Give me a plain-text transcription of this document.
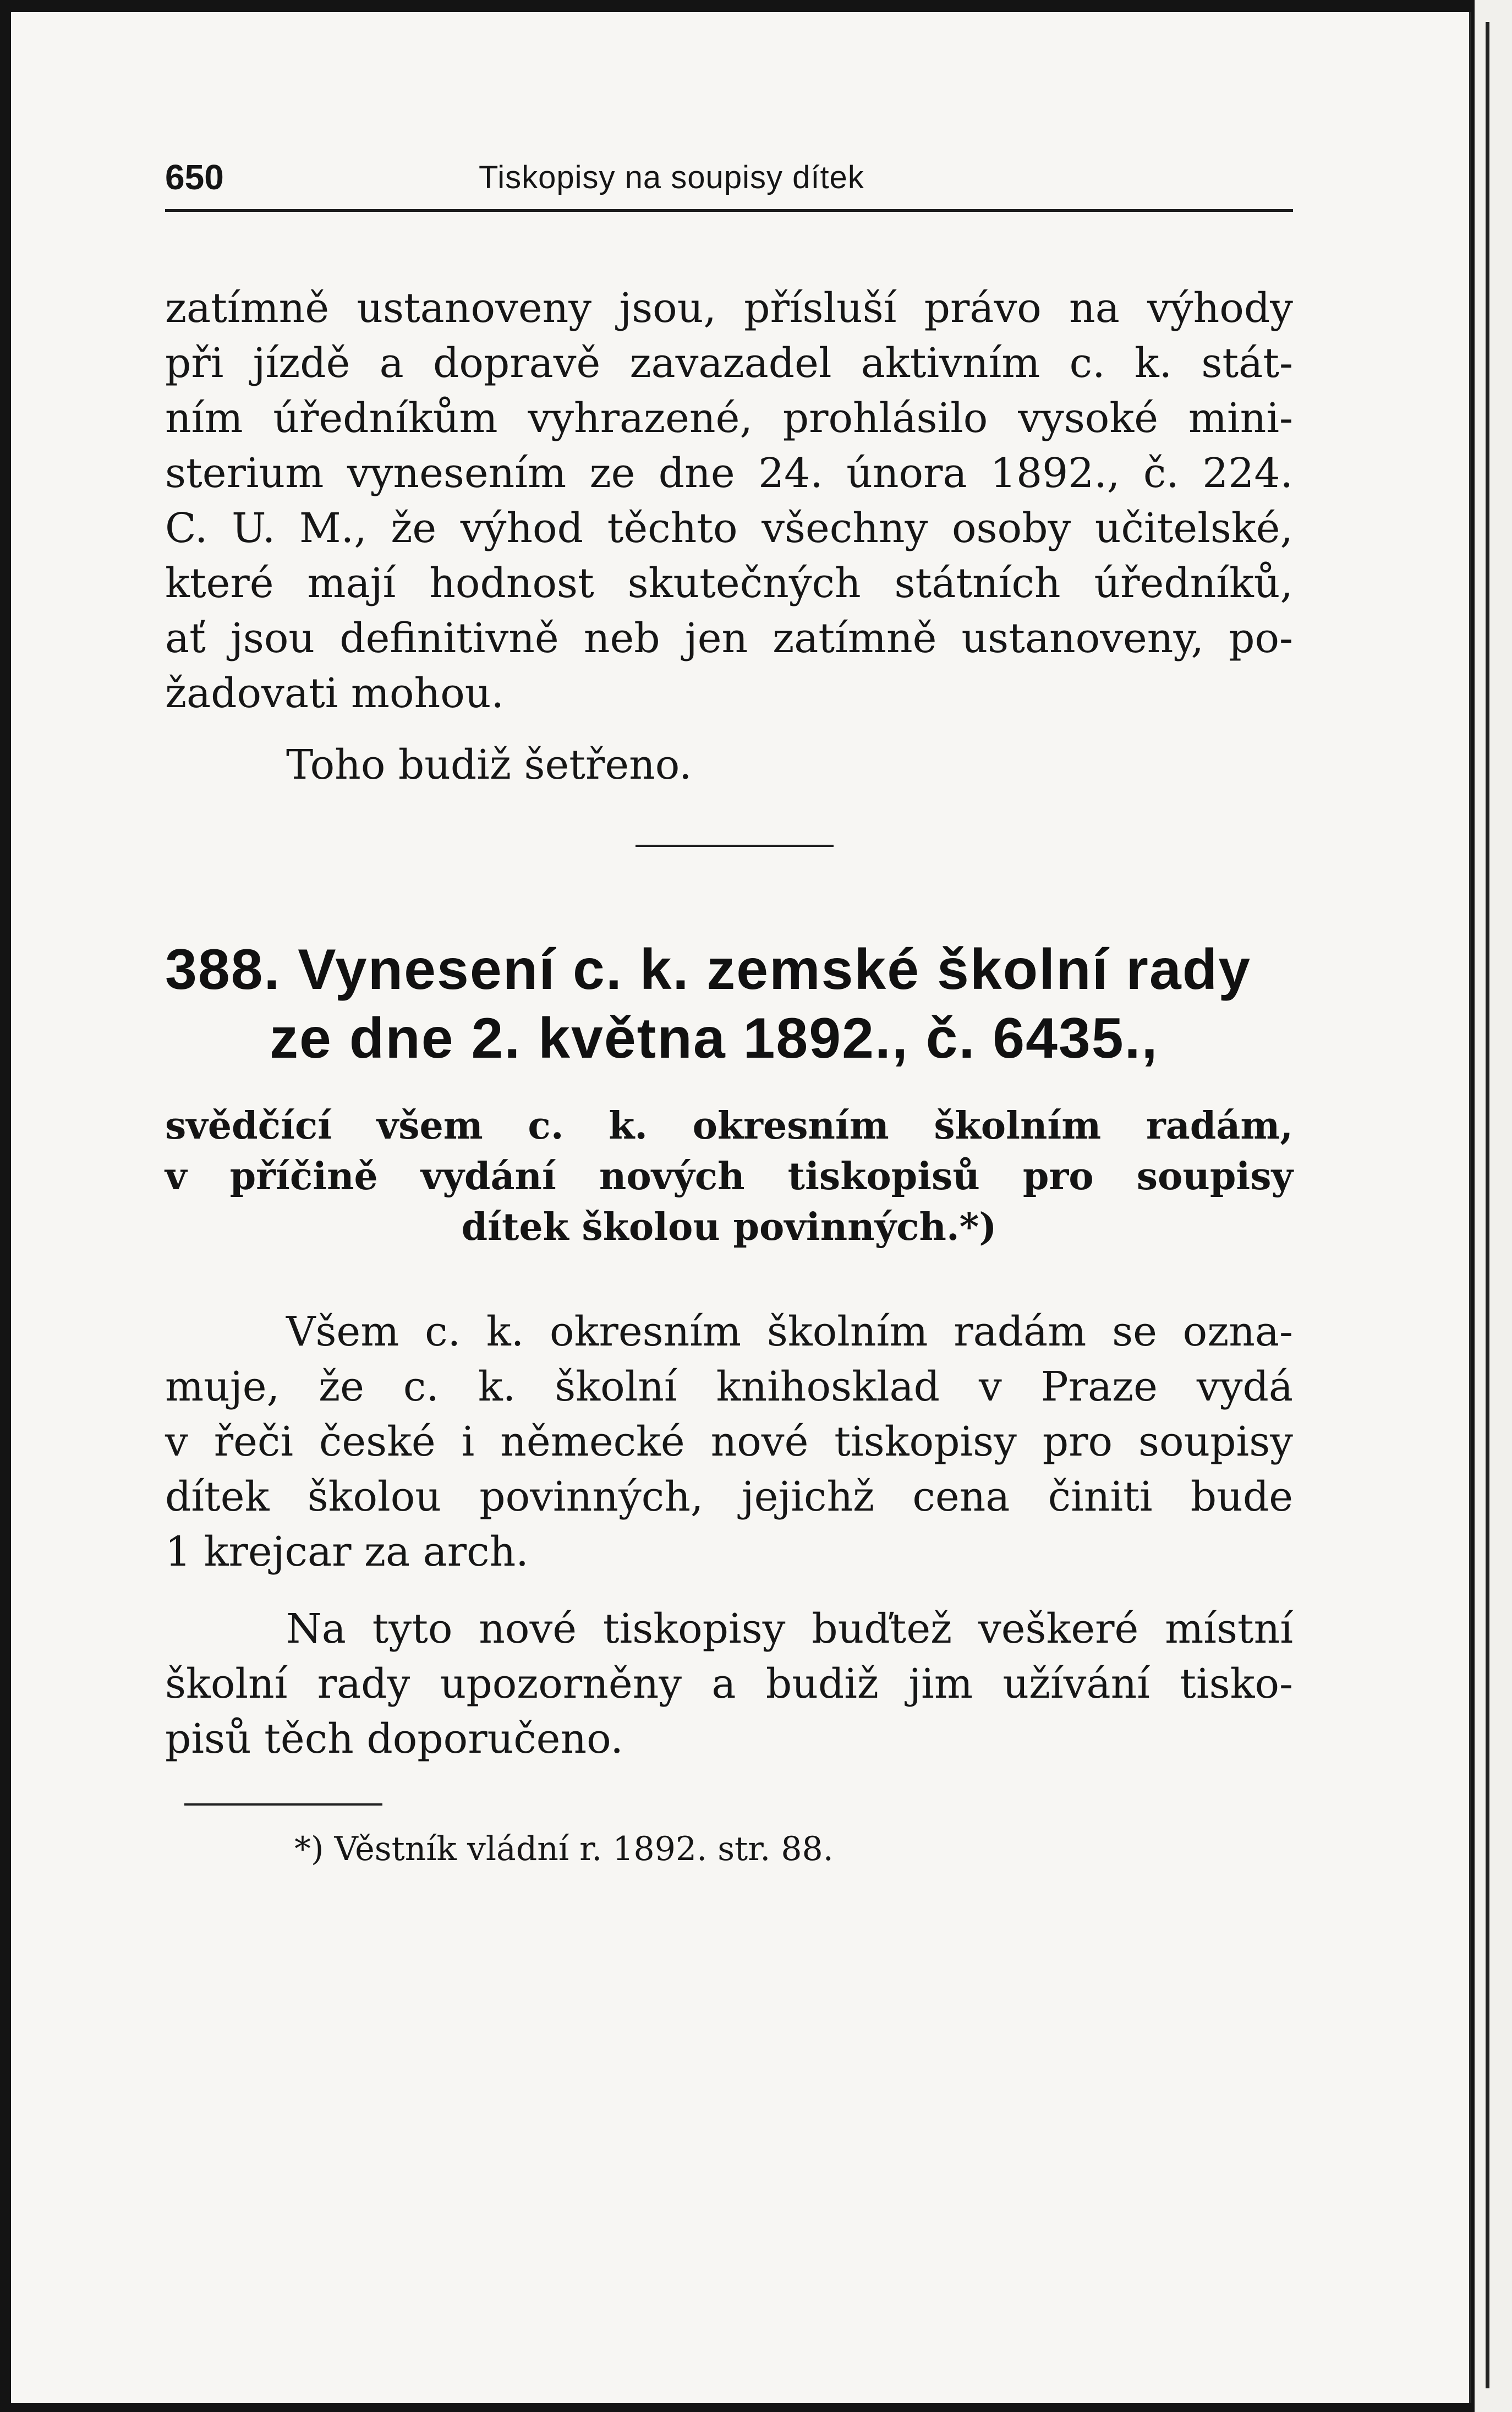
650	Tiskopisy na soupisy dítek
zatímně ustanoveny jsou, přísluší právo na výhody
při jízdě a dopravě zavazadel aktivním c. k. stát-
ním úředníkům vyhrazené, prohlásilo vysoké mini-
sterium vynesením ze dne 24. února 1892., č. 224.
C. U. M., že výhod těchto všechny osoby učitelské,
které mají hodnost skutečných státních úředníků,
ať jsou definitivně neb jen zatímně ustanoveny, po-
žadovati mohou.
Toho budiž šetřeno.
388. Vynesení c. k. zemské školní rady
ze dne 2. května 1892., č. 6435.,
svědčící všem c. k. okresním školním radám,
v příčině vydání nových tiskopisů pro soupisy
dítek školou povinných.*)
Všem c. k. okresním školním radám se ozna-
muje, že c. k. školní knihosklad v Praze vydá
v řeči české i německé nové tiskopisy pro soupisy
dítek školou povinných, jejichž cena činiti bude
1 krejcar za arch.
Na tyto nové tiskopisy buďtež veškeré místní
školní rady upozorněny a budiž jim užívání tisko-
pisů těch doporučeno.
*) Věstník vládní r. 1892. str. 88.
